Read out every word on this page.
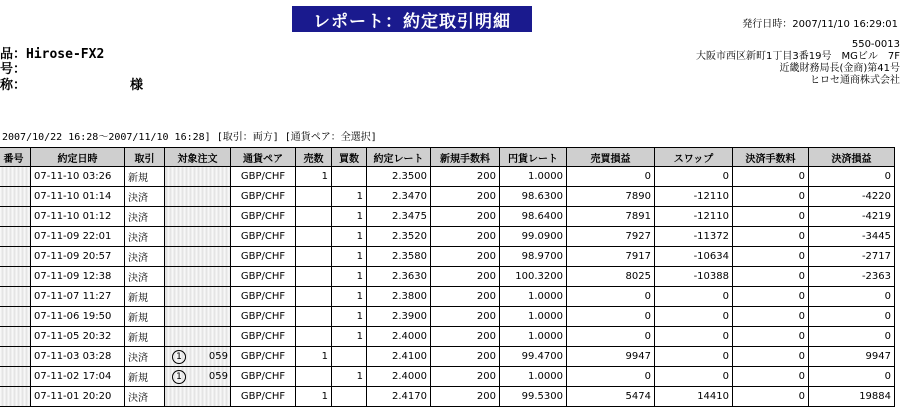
レポート：約定取引明細	発行日時：2007/11/10 16:29:01
品：Hirose-FX2
号：
称：	様
550-0013
大阪市西区新町1丁目3番19号　MGビル　7F
近畿財務局長(金商)第41号
ヒロセ通商株式会社
2007/10/22 16:28～2007/11/10 16:28] [取引：両方] [通貨ペア：全選択]
番号	約定日時	取引	対象注文	通貨ペア	売数	買数	約定レート	新規手数料	円貨レート	売買損益	スワップ	決済手数料	決済損益
	07-11-10 03:26	新規		GBP/CHF	1		2.3500	200	1.0000	0	0	0	0
	07-11-10 01:14	決済		GBP/CHF		1	2.3470	200	98.6300	7890	-12110	0	-4220
	07-11-10 01:12	決済		GBP/CHF		1	2.3475	200	98.6400	7891	-12110	0	-4219
	07-11-09 22:01	決済		GBP/CHF		1	2.3520	200	99.0900	7927	-11372	0	-3445
	07-11-09 20:57	決済		GBP/CHF		1	2.3580	200	98.9700	7917	-10634	0	-2717
	07-11-09 12:38	決済		GBP/CHF		1	2.3630	200	100.3200	8025	-10388	0	-2363
	07-11-07 11:27	新規		GBP/CHF		1	2.3800	200	1.0000	0	0	0	0
	07-11-06 19:50	新規		GBP/CHF		1	2.3900	200	1.0000	0	0	0	0
	07-11-05 20:32	新規		GBP/CHF		1	2.4000	200	1.0000	0	0	0	0
	07-11-03 03:28	決済	1 059	GBP/CHF	1		2.4100	200	99.4700	9947	0	0	9947
	07-11-02 17:04	新規	1 059	GBP/CHF		1	2.4000	200	1.0000	0	0	0	0
	07-11-01 20:20	決済		GBP/CHF	1		2.4170	200	99.5300	5474	14410	0	19884
